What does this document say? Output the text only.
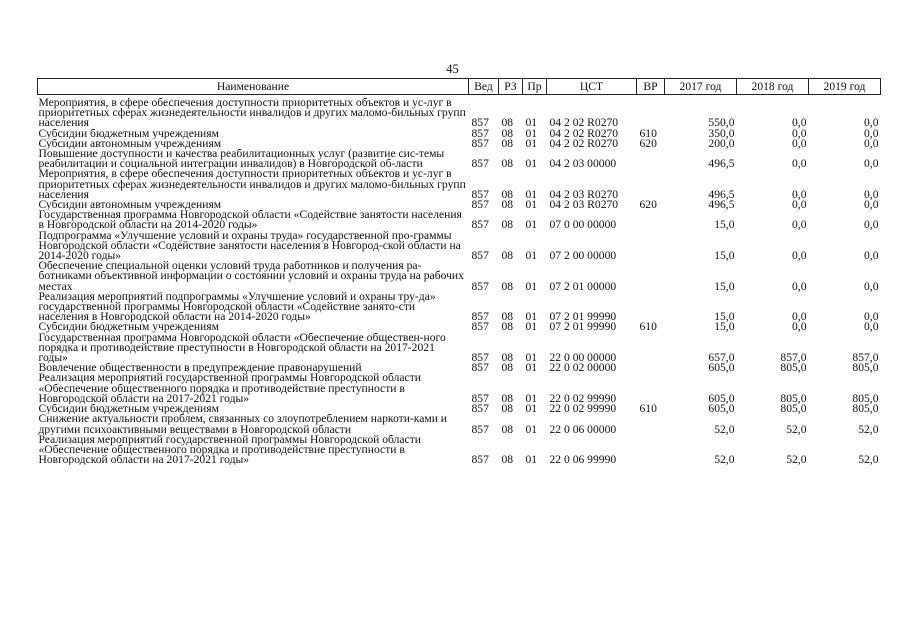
45
Наименование	Вед	РЗ	Пр	ЦСТ	ВР	2017 год	2018 год	2019 год
Мероприятия, в сфере обеспечения доступности приоритетных объектов и ус-луг в приоритетных сферах жизнедеятельности инвалидов и других маломо-бильных групп населения	857	08	01	04 2 02 R0270		550,0	0,0	0,0
Субсидии бюджетным учреждениям	857	08	01	04 2 02 R0270	610	350,0	0,0	0,0
Субсидии автономным учреждениям	857	08	01	04 2 02 R0270	620	200,0	0,0	0,0
Повышение доступности и качества реабилитационных услуг (развитие сис-темы реабилитации и социальной интеграции инвалидов) в Новгородской об-ласти	857	08	01	04 2 03 00000		496,5	0,0	0,0
Мероприятия, в сфере обеспечения доступности приоритетных объектов и ус-луг в приоритетных сферах жизнедеятельности инвалидов и других маломо-бильных групп населения	857	08	01	04 2 03 R0270		496,5	0,0	0,0
Субсидии автономным учреждениям	857	08	01	04 2 03 R0270	620	496,5	0,0	0,0
Государственная программа Новгородской области «Содействие занятости населения в Новгородской области на 2014-2020 годы»	857	08	01	07 0 00 00000		15,0	0,0	0,0
Подпрограмма «Улучшение условий и охраны труда» государственной про-граммы Новгородской области «Содействие занятости населения в Новгород-ской области на 2014-2020 годы»	857	08	01	07 2 00 00000		15,0	0,0	0,0
Обеспечение специальной оценки условий труда работников и получения ра-ботниками объективной информации о состоянии условий и охраны труда на рабочих местах	857	08	01	07 2 01 00000		15,0	0,0	0,0
Реализация мероприятий подпрограммы «Улучшение условий и охраны тру-да» государственной программы Новгородской области «Содействие занято-сти населения в Новгородской области на 2014-2020 годы»	857	08	01	07 2 01 99990		15,0	0,0	0,0
Субсидии бюджетным учреждениям	857	08	01	07 2 01 99990	610	15,0	0,0	0,0
Государственная программа Новгородской области «Обеспечение обществен-ного порядка и противодействие преступности в Новгородской области на 2017-2021 годы»	857	08	01	22 0 00 00000		657,0	857,0	857,0
Вовлечение общественности в предупреждение правонарушений	857	08	01	22 0 02 00000		605,0	805,0	805,0
Реализация мероприятий государственной программы Новгородской области «Обеспечение общественного порядка и противодействие преступности в Новгородской области на 2017-2021 годы»	857	08	01	22 0 02 99990		605,0	805,0	805,0
Субсидии бюджетным учреждениям	857	08	01	22 0 02 99990	610	605,0	805,0	805,0
Снижение актуальности проблем, связанных со злоупотреблением наркоти-ками и другими психоактивными веществами в Новгородской области	857	08	01	22 0 06 00000		52,0	52,0	52,0
Реализация мероприятий государственной программы Новгородской области «Обеспечение общественного порядка и противодействие преступности в Новгородской области на 2017-2021 годы»	857	08	01	22 0 06 99990		52,0	52,0	52,0
